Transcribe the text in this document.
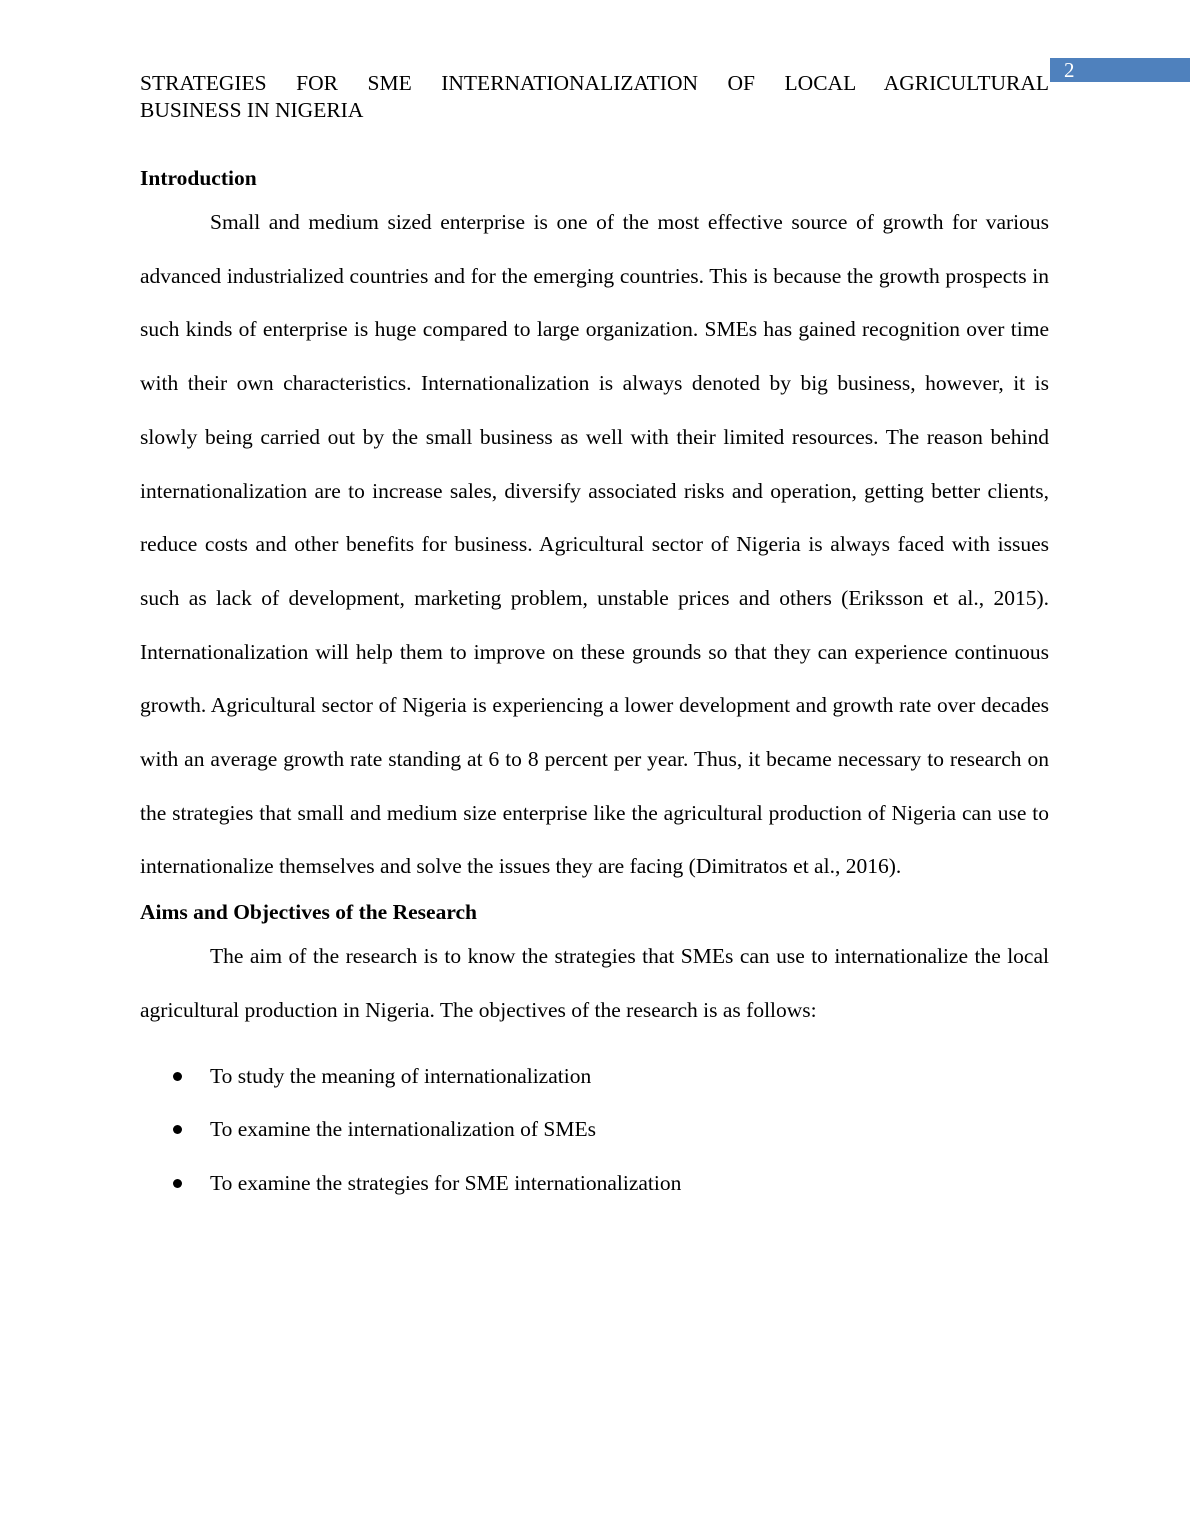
2
STRATEGIES FOR SME INTERNATIONALIZATION OF LOCAL AGRICULTURAL
BUSINESS IN NIGERIA
Introduction

Small and medium sized enterprise is one of the most effective source of growth for various advanced industrialized countries and for the emerging countries. This is because the growth prospects in such kinds of enterprise is huge compared to large organization. SMEs has gained recognition over time with their own characteristics. Internationalization is always denoted by big business, however, it is slowly being carried out by the small business as well with their limited resources. The reason behind internationalization are to increase sales, diversify associated risks and operation, getting better clients, reduce costs and other benefits for business. Agricultural sector of Nigeria is always faced with issues such as lack of development, marketing problem, unstable prices and others (Eriksson et al., 2015). Internationalization will help them to improve on these grounds so that they can experience continuous growth. Agricultural sector of Nigeria is experiencing a lower development and growth rate over decades with an average growth rate standing at 6 to 8 percent per year. Thus, it became necessary to research on the strategies that small and medium size enterprise like the agricultural production of Nigeria can use to internationalize themselves and solve the issues they are facing (Dimitratos et al., 2016).

Aims and Objectives of the Research

The aim of the research is to know the strategies that SMEs can use to internationalize the local agricultural production in Nigeria. The objectives of the research is as follows:

To study the meaning of internationalization
To examine the internationalization of SMEs
To examine the strategies for SME internationalization
